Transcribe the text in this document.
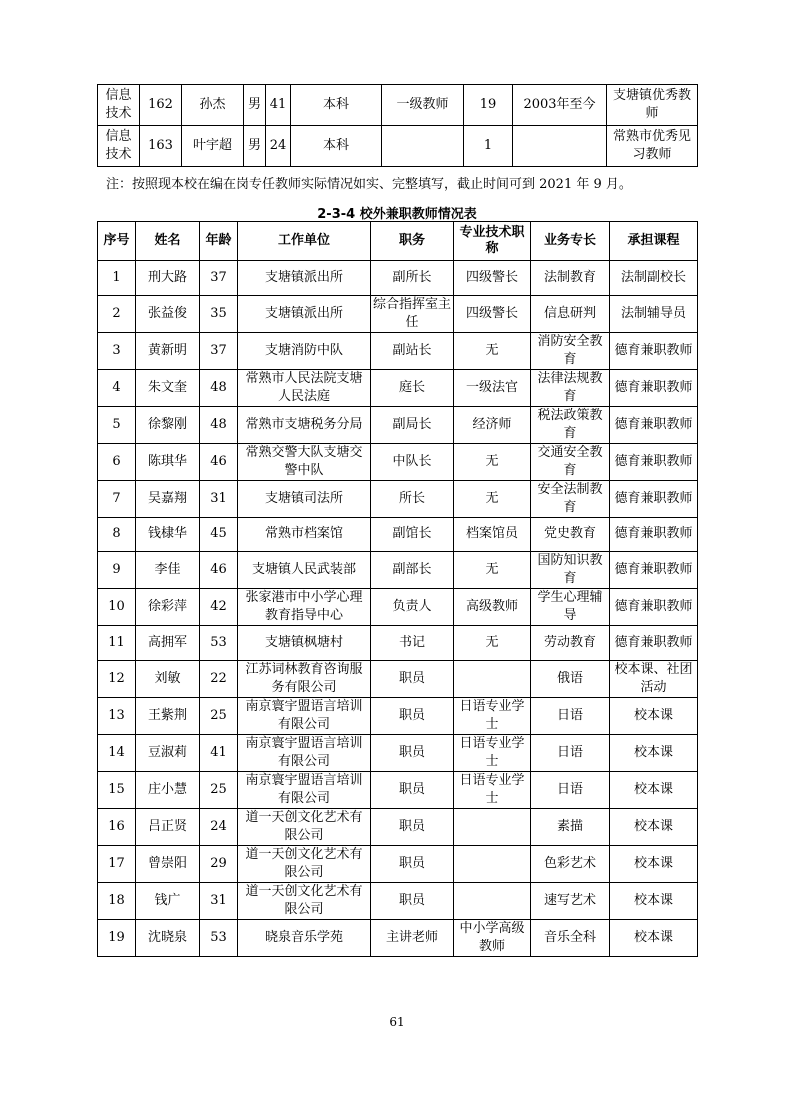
信息技术	162	孙杰	男	41	本科	一级教师	19	2003年至今	支塘镇优秀教师
信息技术	163	叶宇超	男	24	本科		1		常熟市优秀见习教师
注：按照现本校在编在岗专任教师实际情况如实、完整填写，截止时间可到 2021 年 9 月。
2-3-4 校外兼职教师情况表
序号	姓名	年龄	工作单位	职务	专业技术职称	业务专长	承担课程
1	刑大路	37	支塘镇派出所	副所长	四级警长	法制教育	法制副校长
2	张益俊	35	支塘镇派出所	综合指挥室主任	四级警长	信息研判	法制辅导员
3	黄新明	37	支塘消防中队	副站长	无	消防安全教育	德育兼职教师
4	朱文奎	48	常熟市人民法院支塘人民法庭	庭长	一级法官	法律法规教育	德育兼职教师
5	徐黎刚	48	常熟市支塘税务分局	副局长	经济师	税法政策教育	德育兼职教师
6	陈琪华	46	常熟交警大队支塘交警中队	中队长	无	交通安全教育	德育兼职教师
7	吴嘉翔	31	支塘镇司法所	所长	无	安全法制教育	德育兼职教师
8	钱棣华	45	常熟市档案馆	副馆长	档案馆员	党史教育	德育兼职教师
9	李佳	46	支塘镇人民武装部	副部长	无	国防知识教育	德育兼职教师
10	徐彩萍	42	张家港市中小学心理教育指导中心	负责人	高级教师	学生心理辅导	德育兼职教师
11	高拥军	53	支塘镇枫塘村	书记	无	劳动教育	德育兼职教师
12	刘敏	22	江苏词林教育咨询服务有限公司	职员		俄语	校本课、社团活动
13	王紫荆	25	南京寰宇盟语言培训有限公司	职员	日语专业学士	日语	校本课
14	豆淑莉	41	南京寰宇盟语言培训有限公司	职员	日语专业学士	日语	校本课
15	庄小慧	25	南京寰宇盟语言培训有限公司	职员	日语专业学士	日语	校本课
16	吕正贤	24	道一天创文化艺术有限公司	职员		素描	校本课
17	曾崇阳	29	道一天创文化艺术有限公司	职员		色彩艺术	校本课
18	钱广	31	道一天创文化艺术有限公司	职员		速写艺术	校本课
19	沈晓泉	53	晓泉音乐学苑	主讲老师	中小学高级教师	音乐全科	校本课
61
